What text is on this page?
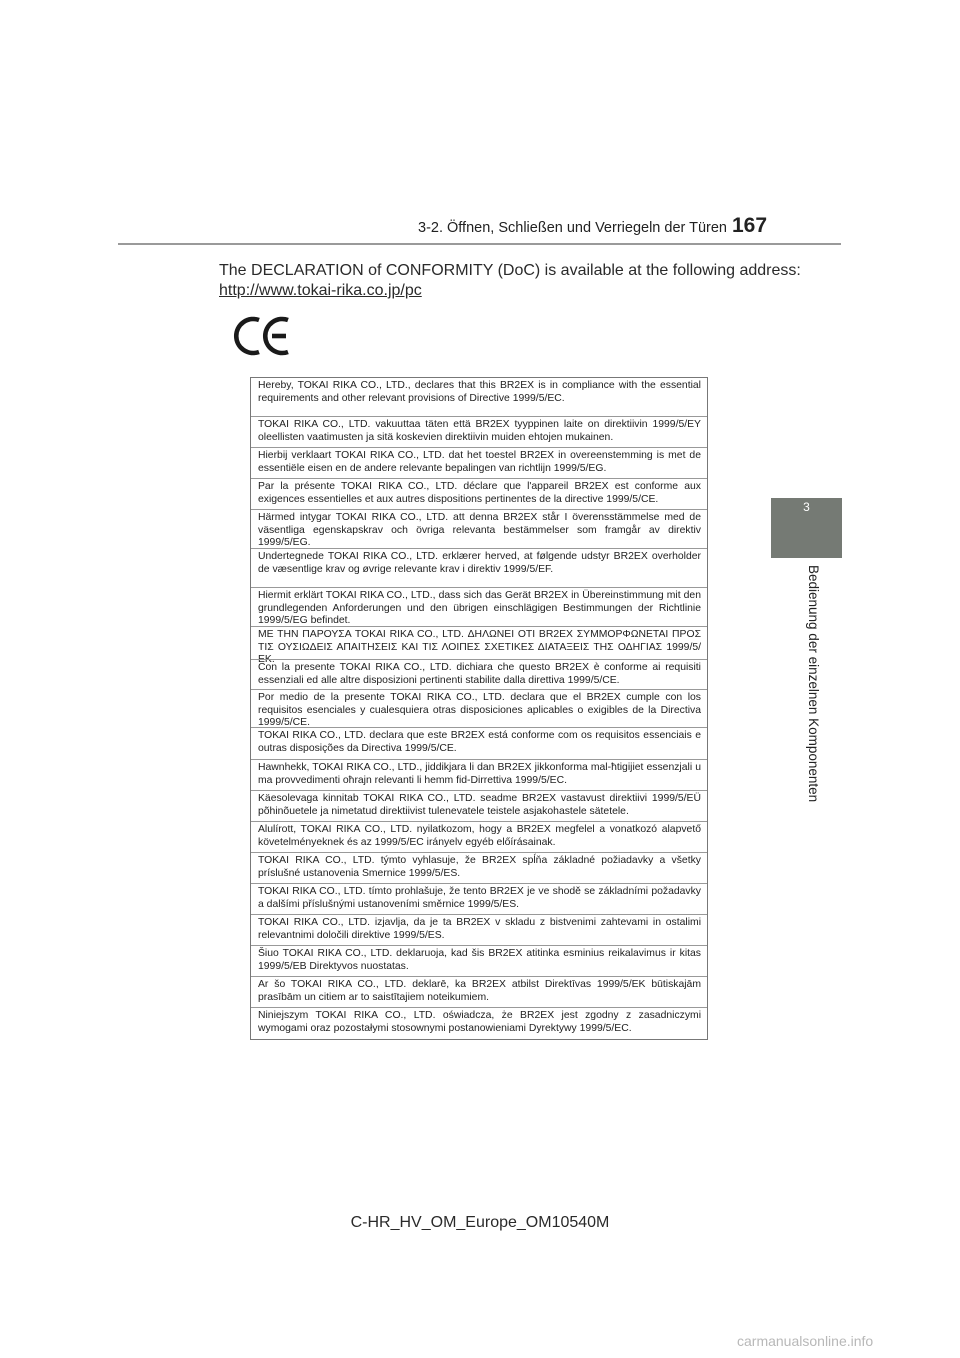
3-2. Öffnen, Schließen und Verriegeln der Türen 167
3
Bedienung der einzelnen Komponenten
The DECLARATION of CONFORMITY (DoC) is available at the following address:
http://www.tokai-rika.co.jp/pc
Hereby, TOKAI RIKA CO., LTD., declares that this BR2EX is in compliance with the essential requirements and other relevant provisions of Directive 1999/5/EC.
TOKAI RIKA CO., LTD. vakuuttaa täten että BR2EX tyyppinen laite on direktiivin 1999/5/EY oleellisten vaatimusten ja sitä koskevien direktiivin muiden ehtojen mukainen.
Hierbij verklaart TOKAI RIKA CO., LTD. dat het toestel BR2EX in overeenstemming is met de essentiële eisen en de andere relevante bepalingen van richtlijn 1999/5/EG.
Par la présente TOKAI RIKA CO., LTD. déclare que l'appareil BR2EX est conforme aux exigences essentielles et aux autres dispositions pertinentes de la directive 1999/5/CE.
Härmed intygar TOKAI RIKA CO., LTD. att denna BR2EX står I överensstämmelse med de väsentliga egenskapskrav och övriga relevanta bestämmelser som framgår av direktiv 1999/5/EG.
Undertegnede TOKAI RIKA CO., LTD. erklærer herved, at følgende udstyr BR2EX overholder de væsentlige krav og øvrige relevante krav i direktiv 1999/5/EF.
Hiermit erklärt TOKAI RIKA CO., LTD., dass sich das Gerät BR2EX in Übereinstimmung mit den grundlegenden Anforderungen und den übrigen einschlägigen Bestimmungen der Richtlinie 1999/5/EG befindet.
ΜΕ ΤΗΝ ΠΑΡΟΥΣΑ TOKAI RIKA CO., LTD. ΔΗΛΩΝΕΙ ΟΤΙ BR2EX ΣΥΜΜΟΡΦΩΝΕΤΑΙ ΠΡΟΣ ΤΙΣ ΟΥΣΙΩΔΕΙΣ ΑΠΑΙΤΗΣΕΙΣ ΚΑΙ ΤΙΣ ΛΟΙΠΕΣ ΣΧΕΤΙΚΕΣ ΔΙΑΤΑΞΕΙΣ ΤΗΣ ΟΔΗΓΙΑΣ 1999/5/ΕΚ.
Con la presente TOKAI RIKA CO., LTD. dichiara che questo BR2EX è conforme ai requisiti essenziali ed alle altre disposizioni pertinenti stabilite dalla direttiva 1999/5/CE.
Por medio de la presente TOKAI RIKA CO., LTD. declara que el BR2EX cumple con los requisitos esenciales y cualesquiera otras disposiciones aplicables o exigibles de la Directiva 1999/5/CE.
TOKAI RIKA CO., LTD. declara que este BR2EX está conforme com os requisitos essenciais e outras disposições da Directiva 1999/5/CE.
Hawnhekk, TOKAI RIKA CO., LTD., jiddikjara li dan BR2EX jikkonforma mal-ħtigijiet essenzjali u ma provvedimenti oħrajn relevanti li hemm fid-Dirrettiva 1999/5/EC.
Käesolevaga kinnitab TOKAI RIKA CO., LTD. seadme BR2EX vastavust direktiivi 1999/5/EÜ põhinõuetele ja nimetatud direktiivist tulenevatele teistele asjakohastele sätetele.
Alulírott, TOKAI RIKA CO., LTD. nyilatkozom, hogy a BR2EX megfelel a vonatkozó alapvető követelményeknek és az 1999/5/EC irányelv egyéb előírásainak.
TOKAI RIKA CO., LTD. týmto vyhlasuje, že BR2EX spĺňa základné požiadavky a všetky príslušné ustanovenia Smernice 1999/5/ES.
TOKAI RIKA CO., LTD. tímto prohlašuje, že tento BR2EX je ve shodě se základními požadavky a dalšími příslušnými ustanoveními směrnice 1999/5/ES.
TOKAI RIKA CO., LTD. izjavlja, da je ta BR2EX v skladu z bistvenimi zahtevami in ostalimi relevantnimi določili direktive 1999/5/ES.
Šiuo TOKAI RIKA CO., LTD. deklaruoja, kad šis BR2EX atitinka esminius reikalavimus ir kitas 1999/5/EB Direktyvos nuostatas.
Ar šo TOKAI RIKA CO., LTD. deklarē, ka BR2EX atbilst Direktīvas 1999/5/EK būtiskajām prasībām un citiem ar to saistītajiem noteikumiem.
Niniejszym TOKAI RIKA CO., LTD. oświadcza, że BR2EX jest zgodny z zasadniczymi wymogami oraz pozostałymi stosownymi postanowieniami Dyrektywy 1999/5/EC.
C-HR_HV_OM_Europe_OM10540M
carmanualsonline.info
